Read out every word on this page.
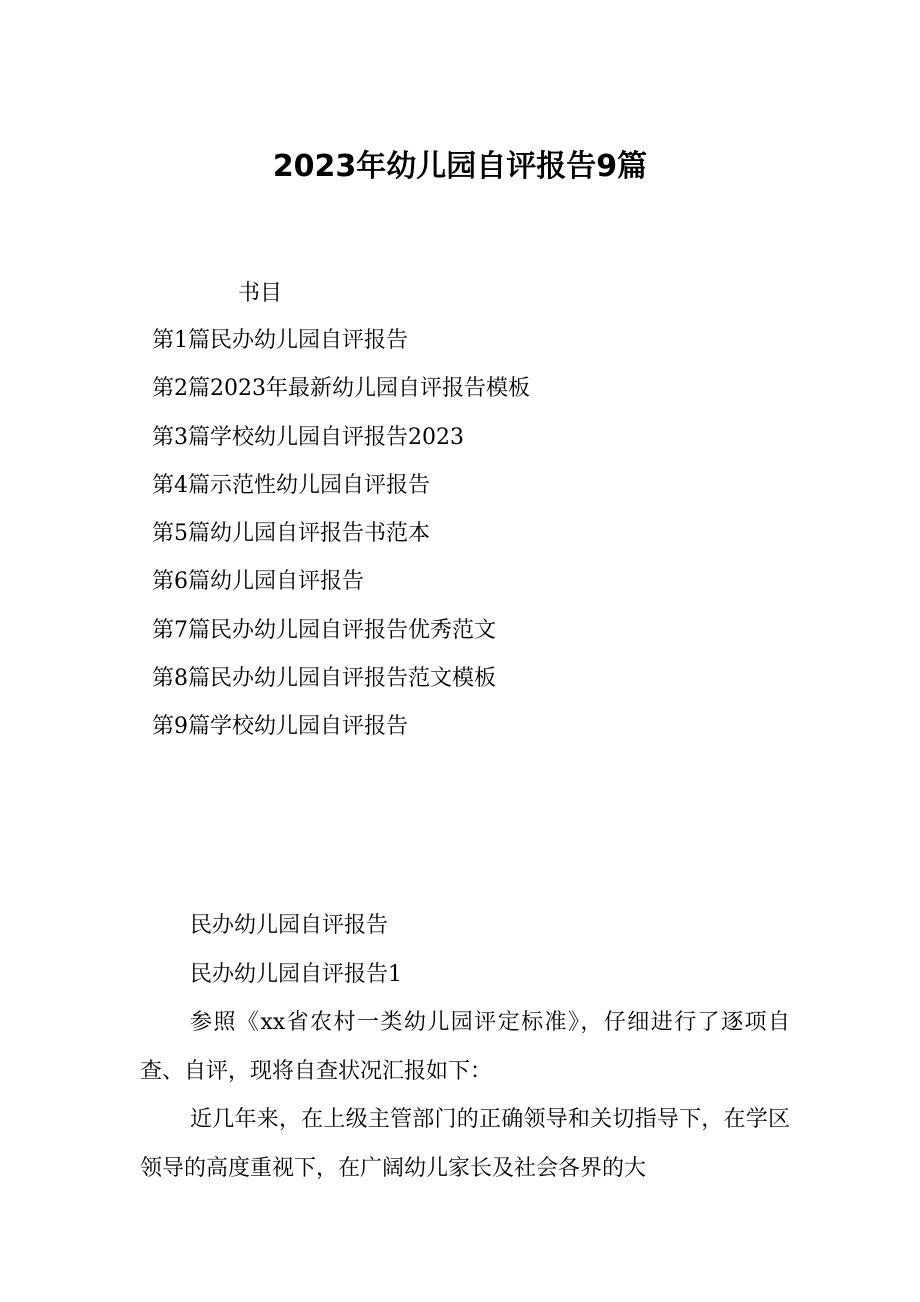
2023年幼儿园自评报告9篇
书目
第1篇民办幼儿园自评报告
第2篇2023年最新幼儿园自评报告模板
第3篇学校幼儿园自评报告2023
第4篇示范性幼儿园自评报告
第5篇幼儿园自评报告书范本
第6篇幼儿园自评报告
第7篇民办幼儿园自评报告优秀范文
第8篇民办幼儿园自评报告范文模板
第9篇学校幼儿园自评报告

民办幼儿园自评报告

民办幼儿园自评报告1

参照《xx省农村一类幼儿园评定标准》，仔细进行了逐项自查、自评，现将自查状况汇报如下：

近几年来，在上级主管部门的正确领导和关切指导下，在学区领导的高度重视下，在广阔幼儿家长及社会各界的大
